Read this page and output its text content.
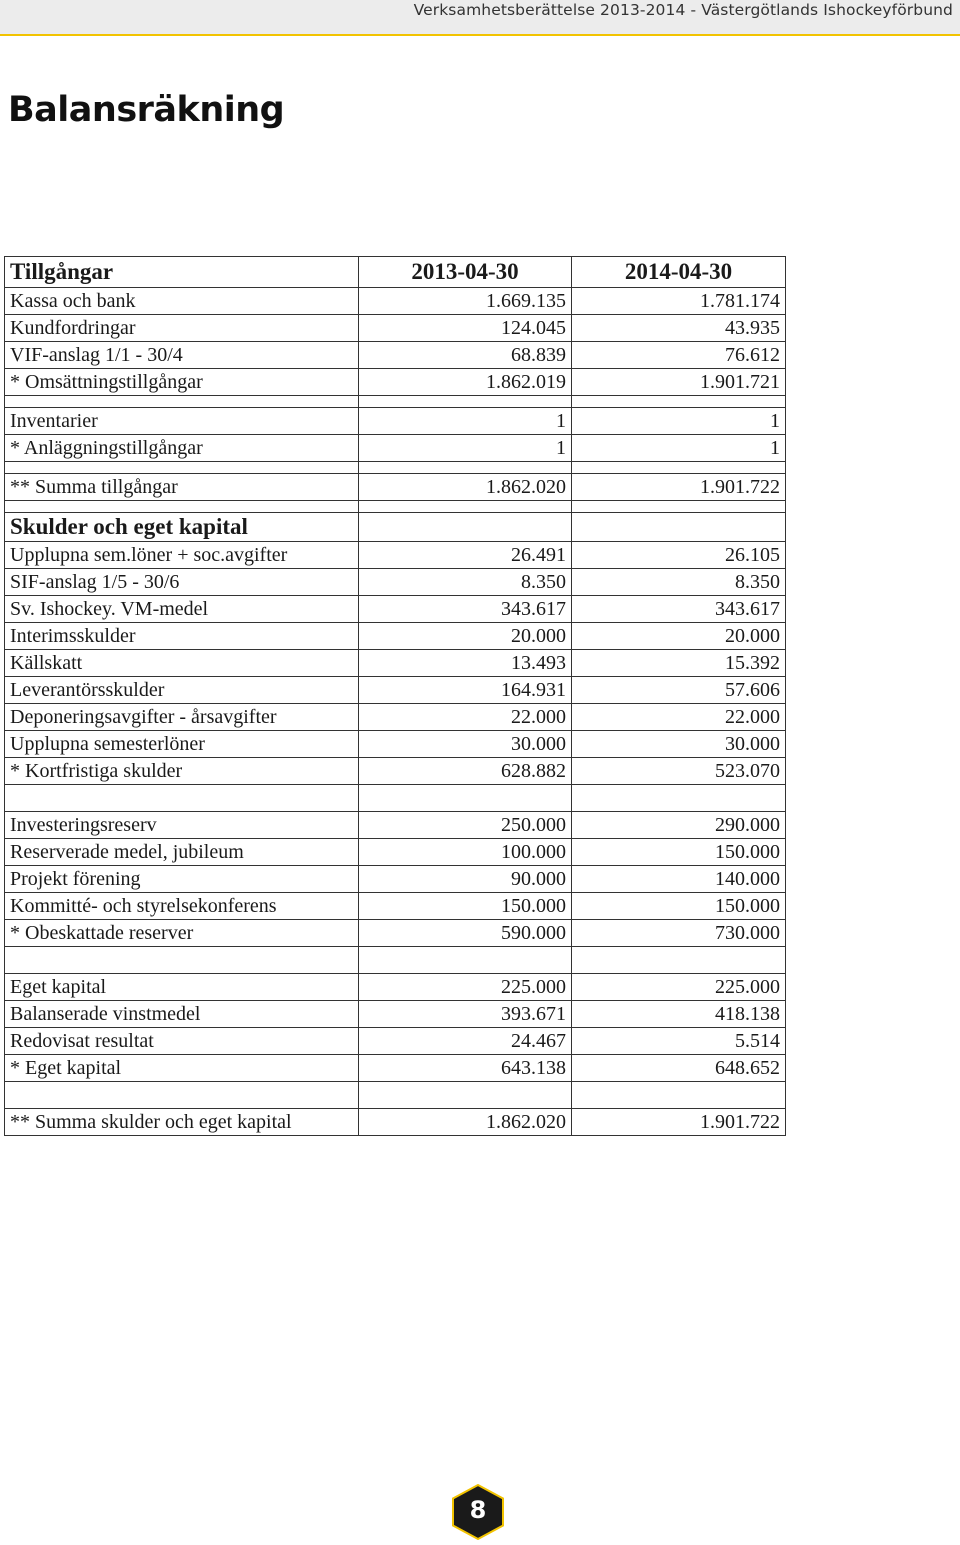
Verksamhetsberättelse 2013-2014 - Västergötlands Ishockeyförbund
Balansräkning
Tillgångar	2013-04-30	2014-04-30
Kassa och bank	1.669.135	1.781.174
Kundfordringar	124.045	43.935
VIF-anslag 1/1 - 30/4	68.839	76.612
* Omsättningstillgångar	1.862.019	1.901.721

Inventarier	1	1
* Anläggningstillgångar	1	1

** Summa tillgångar	1.862.020	1.901.722

Skulder och eget kapital		
Upplupna sem.löner + soc.avgifter	26.491	26.105
SIF-anslag 1/5 - 30/6	8.350	8.350
Sv. Ishockey. VM-medel	343.617	343.617
Interimsskulder	20.000	20.000
Källskatt	13.493	15.392
Leverantörsskulder	164.931	57.606
Deponeringsavgifter - årsavgifter	22.000	22.000
Upplupna semesterlöner	30.000	30.000
* Kortfristiga skulder	628.882	523.070

Investeringsreserv	250.000	290.000
Reserverade medel, jubileum	100.000	150.000
Projekt förening	90.000	140.000
Kommitté- och styrelsekonferens	150.000	150.000
* Obeskattade reserver	590.000	730.000

Eget kapital	225.000	225.000
Balanserade vinstmedel	393.671	418.138
Redovisat resultat	24.467	5.514
* Eget kapital	643.138	648.652

** Summa skulder och eget kapital	1.862.020	1.901.722
8
